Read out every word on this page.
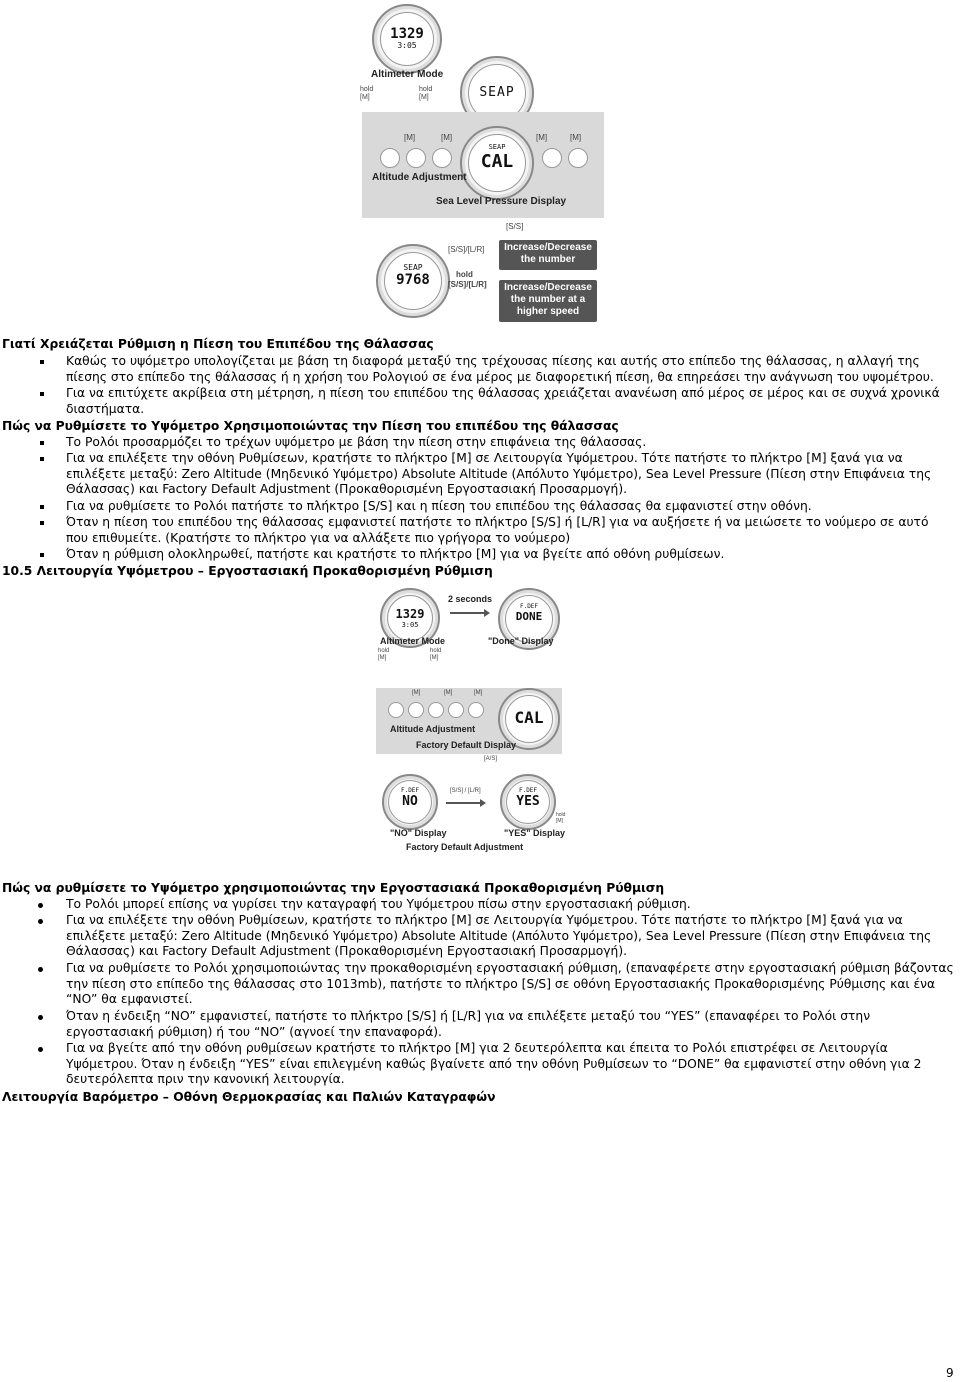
1329
3:05
Altimeter Mode
hold
[M]
hold
[M]	SEAP
[M]	[M]	[M]	[M]
SEAP
CAL
Altitude Adjustment
Sea Level Pressure Display
[S/S]
SEAP
9768
[S/S]/[L/R]
hold
[S/S]/[L/R]
Increase/Decrease the number
Increase/Decrease the number at a higher speed
Γιατί Χρειάζεται Ρύθμιση η Πίεση του Επιπέδου της Θάλασσας
Καθώς το υψόμετρο υπολογίζεται με βάση τη διαφορά μεταξύ της τρέχουσας πίεσης και αυτής στο επίπεδο της θάλασσας, η αλλαγή της πίεσης στο επίπεδο της θάλασσας ή η χρήση του Ρολογιού σε ένα μέρος με διαφορετική πίεση, θα επηρεάσει την ανάγνωση του υψομέτρου.
Για να επιτύχετε ακρίβεια στη μέτρηση, η πίεση του επιπέδου της θάλασσας χρειάζεται ανανέωση από μέρος σε μέρος και σε συχνά χρονικά διαστήματα.
Πώς να Ρυθμίσετε το Υψόμετρο Χρησιμοποιώντας την Πίεση του επιπέδου της θάλασσας
Το Ρολόι προσαρμόζει το τρέχων υψόμετρο με βάση την πίεση στην επιφάνεια της θάλασσας.
Για να επιλέξετε την οθόνη Ρυθμίσεων, κρατήστε το πλήκτρο [M] σε Λειτουργία Υψόμετρου. Τότε πατήστε το πλήκτρο [M] ξανά για να επιλέξετε μεταξύ: Zero Altitude (Μηδενικό Υψόμετρο) Absolute Altitude (Απόλυτο Υψόμετρο), Sea Level Pressure (Πίεση στην Επιφάνεια της Θάλασσας) και Factory Default Adjustment (Προκαθορισμένη Εργοστασιακή Προσαρμογή).
Για να ρυθμίσετε το Ρολόι πατήστε το πλήκτρο [S/S] και η πίεση του επιπέδου της θάλασσας θα εμφανιστεί στην οθόνη.
Όταν η πίεση του επιπέδου της θάλασσας εμφανιστεί πατήστε το πλήκτρο [S/S] ή [L/R] για να αυξήσετε ή να μειώσετε το νούμερο σε αυτό που επιθυμείτε. (Κρατήστε το πλήκτρο για να αλλάξετε πιο γρήγορα το νούμερο)
Όταν η ρύθμιση ολοκληρωθεί, πατήστε και κρατήστε το πλήκτρο [M] για να βγείτε από οθόνη ρυθμίσεων.
10.5 Λειτουργία Υψόμετρου – Εργοστασιακή Προκαθορισμένη Ρύθμιση
1329
3:05
2 seconds
F.DEF
DONE
Altimeter Mode	"Done" Display
hold
[M]
hold
[M]
[M]	[M]	[M]
CAL
Altitude Adjustment
Factory Default Display
[A/S]
F.DEF
NO
[S/S] / [L/R]	F.DEF
YES
hold
[M]
"NO" Display	"YES" Display
Factory Default Adjustment
Πώς να ρυθμίσετε το Υψόμετρο χρησιμοποιώντας την Εργοστασιακά Προκαθορισμένη Ρύθμιση
Το Ρολόι μπορεί επίσης να γυρίσει την καταγραφή του Υψόμετρου πίσω στην εργοστασιακή ρύθμιση.
Για να επιλέξετε την οθόνη Ρυθμίσεων, κρατήστε το πλήκτρο [M] σε Λειτουργία Υψόμετρου. Τότε πατήστε το πλήκτρο [M] ξανά για να επιλέξετε μεταξύ: Zero Altitude (Μηδενικό Υψόμετρο) Absolute Altitude (Απόλυτο Υψόμετρο), Sea Level Pressure (Πίεση στην Επιφάνεια της Θάλασσας) και Factory Default Adjustment (Προκαθορισμένη Εργοστασιακή Προσαρμογή).
Για να ρυθμίσετε το Ρολόι χρησιμοποιώντας την προκαθορισμένη εργοστασιακή ρύθμιση, (επαναφέρετε στην εργοστασιακή ρύθμιση βάζοντας την πίεση στο επίπεδο της θάλασσας στο 1013mb), πατήστε το πλήκτρο [S/S] σε οθόνη Εργοστασιακής Προκαθορισμένης Ρύθμισης και ένα “NO” θα εμφανιστεί.
Όταν η ένδειξη “NO” εμφανιστεί, πατήστε το πλήκτρο [S/S] ή [L/R] για να επιλέξετε μεταξύ του “YES” (επαναφέρει το Ρολόι στην εργοστασιακή ρύθμιση) ή του “NO” (αγνοεί την επαναφορά).
Για να βγείτε από την οθόνη ρυθμίσεων κρατήστε το πλήκτρο [M] για 2 δευτερόλεπτα και έπειτα το Ρολόι επιστρέφει σε Λειτουργία Υψόμετρου. Όταν η ένδειξη “YES” είναι επιλεγμένη καθώς βγαίνετε από την οθόνη Ρυθμίσεων το “DONE” θα εμφανιστεί στην οθόνη για 2 δευτερόλεπτα πριν την κανονική λειτουργία.
Λειτουργία Βαρόμετρο – Οθόνη Θερμοκρασίας και Παλιών Καταγραφών
9
